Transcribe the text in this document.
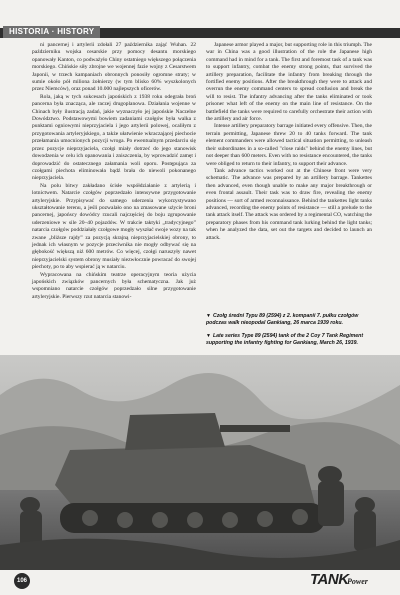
HISTORIA · HISTORY

ni pancernej i artylerii zdołali 27 października zająć Wuhan. 22 październiku wojska cesarskie przy pomocy desantu morskiego opanowały Kanton, co podważyło Chiny ostatniego większego połączenia morskiego. Chińskie siły zbrojne we wojennej fazie wojny z Cesarstwem Japonii, w trzech kampaniach obronnych ponosiły ogromne straty; w sumie około pół miliona żołnierzy (w tym blisko 60% wyszkolonych przez Niemców), oraz ponad 10.000 najlepszych oficerów.

Rola, jaką w tych sukcesach japońskich z 1938 roku odegrała broń pancerna była znacząca, ale raczej drugoplanowa. Działania wojenne w Chinach były ilustracją zadań, jakie wyznaczyło jej japońskie Naczelne Dowództwo. Podstawowymi bowiem zadaniami czołgów była walka z punktami ogniowymi nieprzyjaciela i jego artylerii polowej, ocaliłym z przygotowania artyleryjskiego, a także ułatwienie wkraczającej piechocie przełamania umocnionych pozycji wroga. Po ewentualnym przedarciu się przez pozycje nieprzyjaciela, czołgi miały dotrzeć do jego stanowisk dowodzenia w celu ich opanowania i zniszczenia, by wprowadzić zamęt i doprowadzić do ostatecznego załamania woli oporu. Postępująca za czołgami piechota eliminowała bądź brała do niewoli pokonanego nieprzyjaciela.

Na polu bitwy zakładano ścisłe współdziałanie z artylerią i lotnictwem. Natarcie czołgów poprzedzało intensywne przygotowanie artyleryjskie. Przypisywać do samego uderzenia wykorzystywano ukształtowanie terenu, a jeśli pozwalało ono na zmasowane użycie broni pancernej, japońscy dowódcy rzucali najczęściej do boju zgrupowanie uderzeniowe w sile 20–40 pojazdów. W trakcie taktyki „tradycyjnego” natarcia czołgów poddziałały czołgowe mogły wyszłać swoje wozy na tak zwane „bliższe rajdy” za pozycją skrajną nieprzyjacielskiej obrony, to jednak ich własnym w pozycje przeciwnika nie mogły odbywać się na głębokość większą niż 600 metrów. Co więcej, czołgi naruszyły nawet nieprzyjacielski system obrony musiały niezwłocznie powracać do swojej piechoty, po to aby wspierać ją w natarciu.

Wypracowana na chińskim teatrze operacyjnym teoria użycia japońskich związków pancernych była schematyczna. Jak już wspomniano natarcie czołgów poprzedzało silne przygotowanie artyleryjskie. Pierwszy rzut natarcia stanowi-

Japanese armor played a major, but supporting role in this triumph. The war in China was a good illustration of the role the Japanese high command had in mind for a tank. The first and foremost task of a tank was to support infantry, combat the enemy strong points, that survived the artillery preparation, facilitate the infantry from breaking through the fortified enemy positions. After the breakthrough they were to attack and overrun the enemy command centers to spread confusion and break the will to resist. The infantry advancing after the tanks eliminated or took prisoner what left of the enemy on the main line of resistance. On the battlefield the tanks were required to carefully orchestrate their action with the artillery and air force.

Intense artillery preparatory barrage initiated every offensive. Then, the terrain permitting, Japanese threw 20 to 40 tanks forward. The tank element commanders were allowed tactical situation permitting, to unleash their subordinates in a so-called "close raids" behind the enemy lines, but not deeper than 600 meters. Even with no resistance encountered, the tanks were obliged to return to their infantry, to support their advance.

Tank advance tactics worked out at the Chinese front were very schematic. The advance was prepared by an artillery barrage. Tankettes then advanced, even though unable to make any major breakthrough or even frontal assault. Their task was to draw fire, revealing the enemy positions — sort of armed reconnaissance. Behind the tankettes light tanks advanced, recording the enemy points of resistance — still a prelude to the tank attack itself. The attack was ordered by a regimental CO, watching the preparatory phases from his command tank lurking behind the light tanks; when he analyzed the data, set out the targets and decided to launch an attack.

▼ Czołg średni Typu 89 (2594) z 2. kompanii 7. pułku czołgów podczas walk nieopodal Gankiang, 26 marca 1939 roku.
▼ Late series Type 89 (2594) tank of the 2 Coy 7 Tank Regiment supporting the infantry fighting for Gankiang, March 26, 1939.
106	TANK
Power
